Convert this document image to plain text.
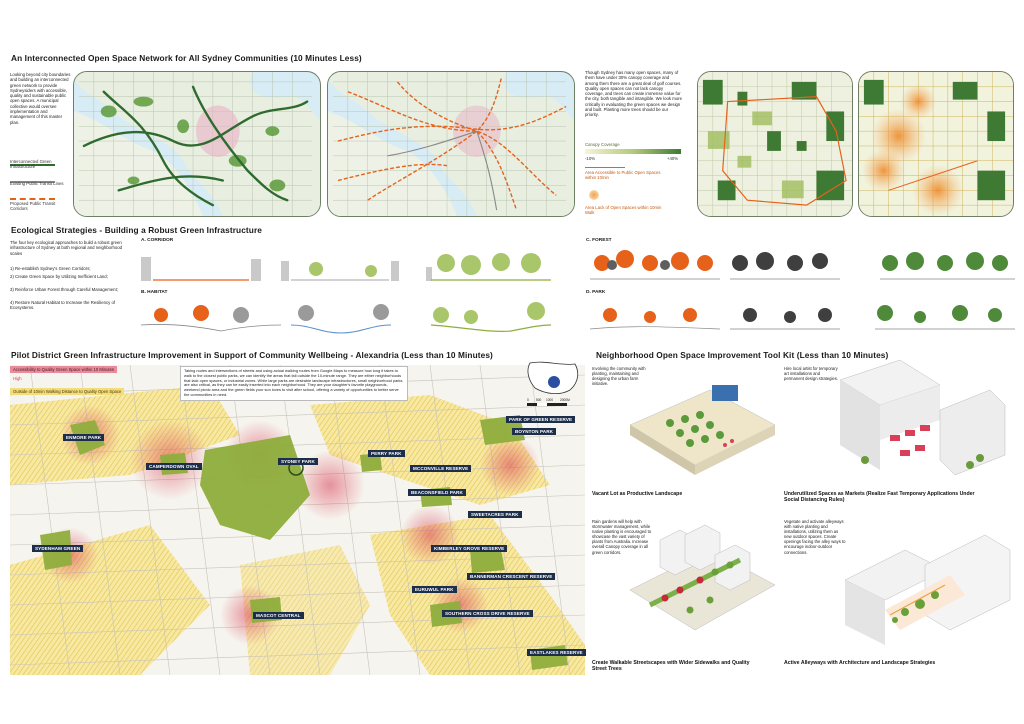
An Interconnected Open Space Network for All Sydney Communities (10 Minutes Less)
Looking beyond city boundaries and building an interconnected green network to provide Sydneysiders with accessible, quality and sustainable public open spaces. A municipal collective would oversee implementation and management of this master plan.
Interconnected Green Infrastructure
Existing Public Transit Lines
Proposed Public Transit Corridors
Though Sydney has many open spaces, many of them have under 30% canopy coverage and among them there are a great deal of golf courses. Quality open spaces can not lack canopy coverage, and trees can create immense value for the city, both tangible and intangible. We look more critically in evaluating the green spaces we design and built. Planting more trees should be our priority.
Canopy Coverage
-10%	+40%
Area Accessible to Public Open Spaces within 10min
Area Lack of Open Spaces within 10min Walk
Ecological Strategies - Building a Robust Green Infrastructure
The four key ecological approaches to build a robust green infrastructure of Sydney at both regional and neighborhood scales
1) Re-establish Sydney's Green Corridors;
2) Create Green Space by Utilizing Inefficient Land;
3) Reinforce Urban Forest through Careful Management;
4) Restore Natural Habitat to Increase the Resiliency of Ecosystems.
A. CORRIDOR
B. HABITAT
C. FOREST
D. PARK
Pilot District Green Infrastructure Improvement in Support of Community Wellbeing - Alexandria (Less than 10 Minutes)
Accessibility to Quality Green Space within 10 Minutes
High
Outside of 10min Walking Distance to Quality Open Space
Taking nodes and intersections of streets and using actual walking routes from Google Maps to measure how long it takes to walk to the closest public parks, we can identify the areas that fall outside the 10-minute range. They are either neighborhoods that lack open spaces, or industrial zones. While large parks are desirable landscape infrastructures, small neighborhood parks are also critical, as they can be easily inserted into each neighborhood. They are your daughter's favorite playgrounds, weekend picnic area and the green fields your son loves to visit after school, offering a variety of opportunities to better serve the communities in need.
0 500 1000 2000M
ENMORE PARK
CAMPERDOWN OVAL
SYDNEY PARK
PERRY PARK
MCCONVILLE RESERVE
PARK OF GREEN RESERVE
BOYNTON PARK
BEACONSFIELD PARK
SWEETACRES PARK
KIMBERLEY GROVE RESERVE
BANNERMAN CRESCENT RESERVE
EURUWUL PARK
SOUTHERN CROSS DRIVE RESERVE
SYDENHAM GREEN
MASCOT CENTRAL
EASTLAKES RESERVE
Neighborhood Open Space Improvement Tool Kit (Less than 10 Minutes)
Involving the community with planting, maintaining and designing the urban farm initiative.
Vacant Lot as Productive Landscape
Hire local artist for temporary art installations and permanent design strategies.
Underutilized Spaces as Markets (Realize Fast Temporary Applications Under Social Distancing Rules)
Rain gardens will help with stormwater management, while native planting is encouraged to showcase the vast variety of plants from Australia. Increase overall Canopy coverage in all green corridors.
Create Walkable Streetscapes with Wider Sidewalks and Quality Street Trees
Vegetate and activate alleyways with native planting and installations, utilizing them as new outdoor spaces. Create openings facing the alley ways to encourage indoor-outdoor connections.
Active Alleyways with Architecture and Landscape Strategies
